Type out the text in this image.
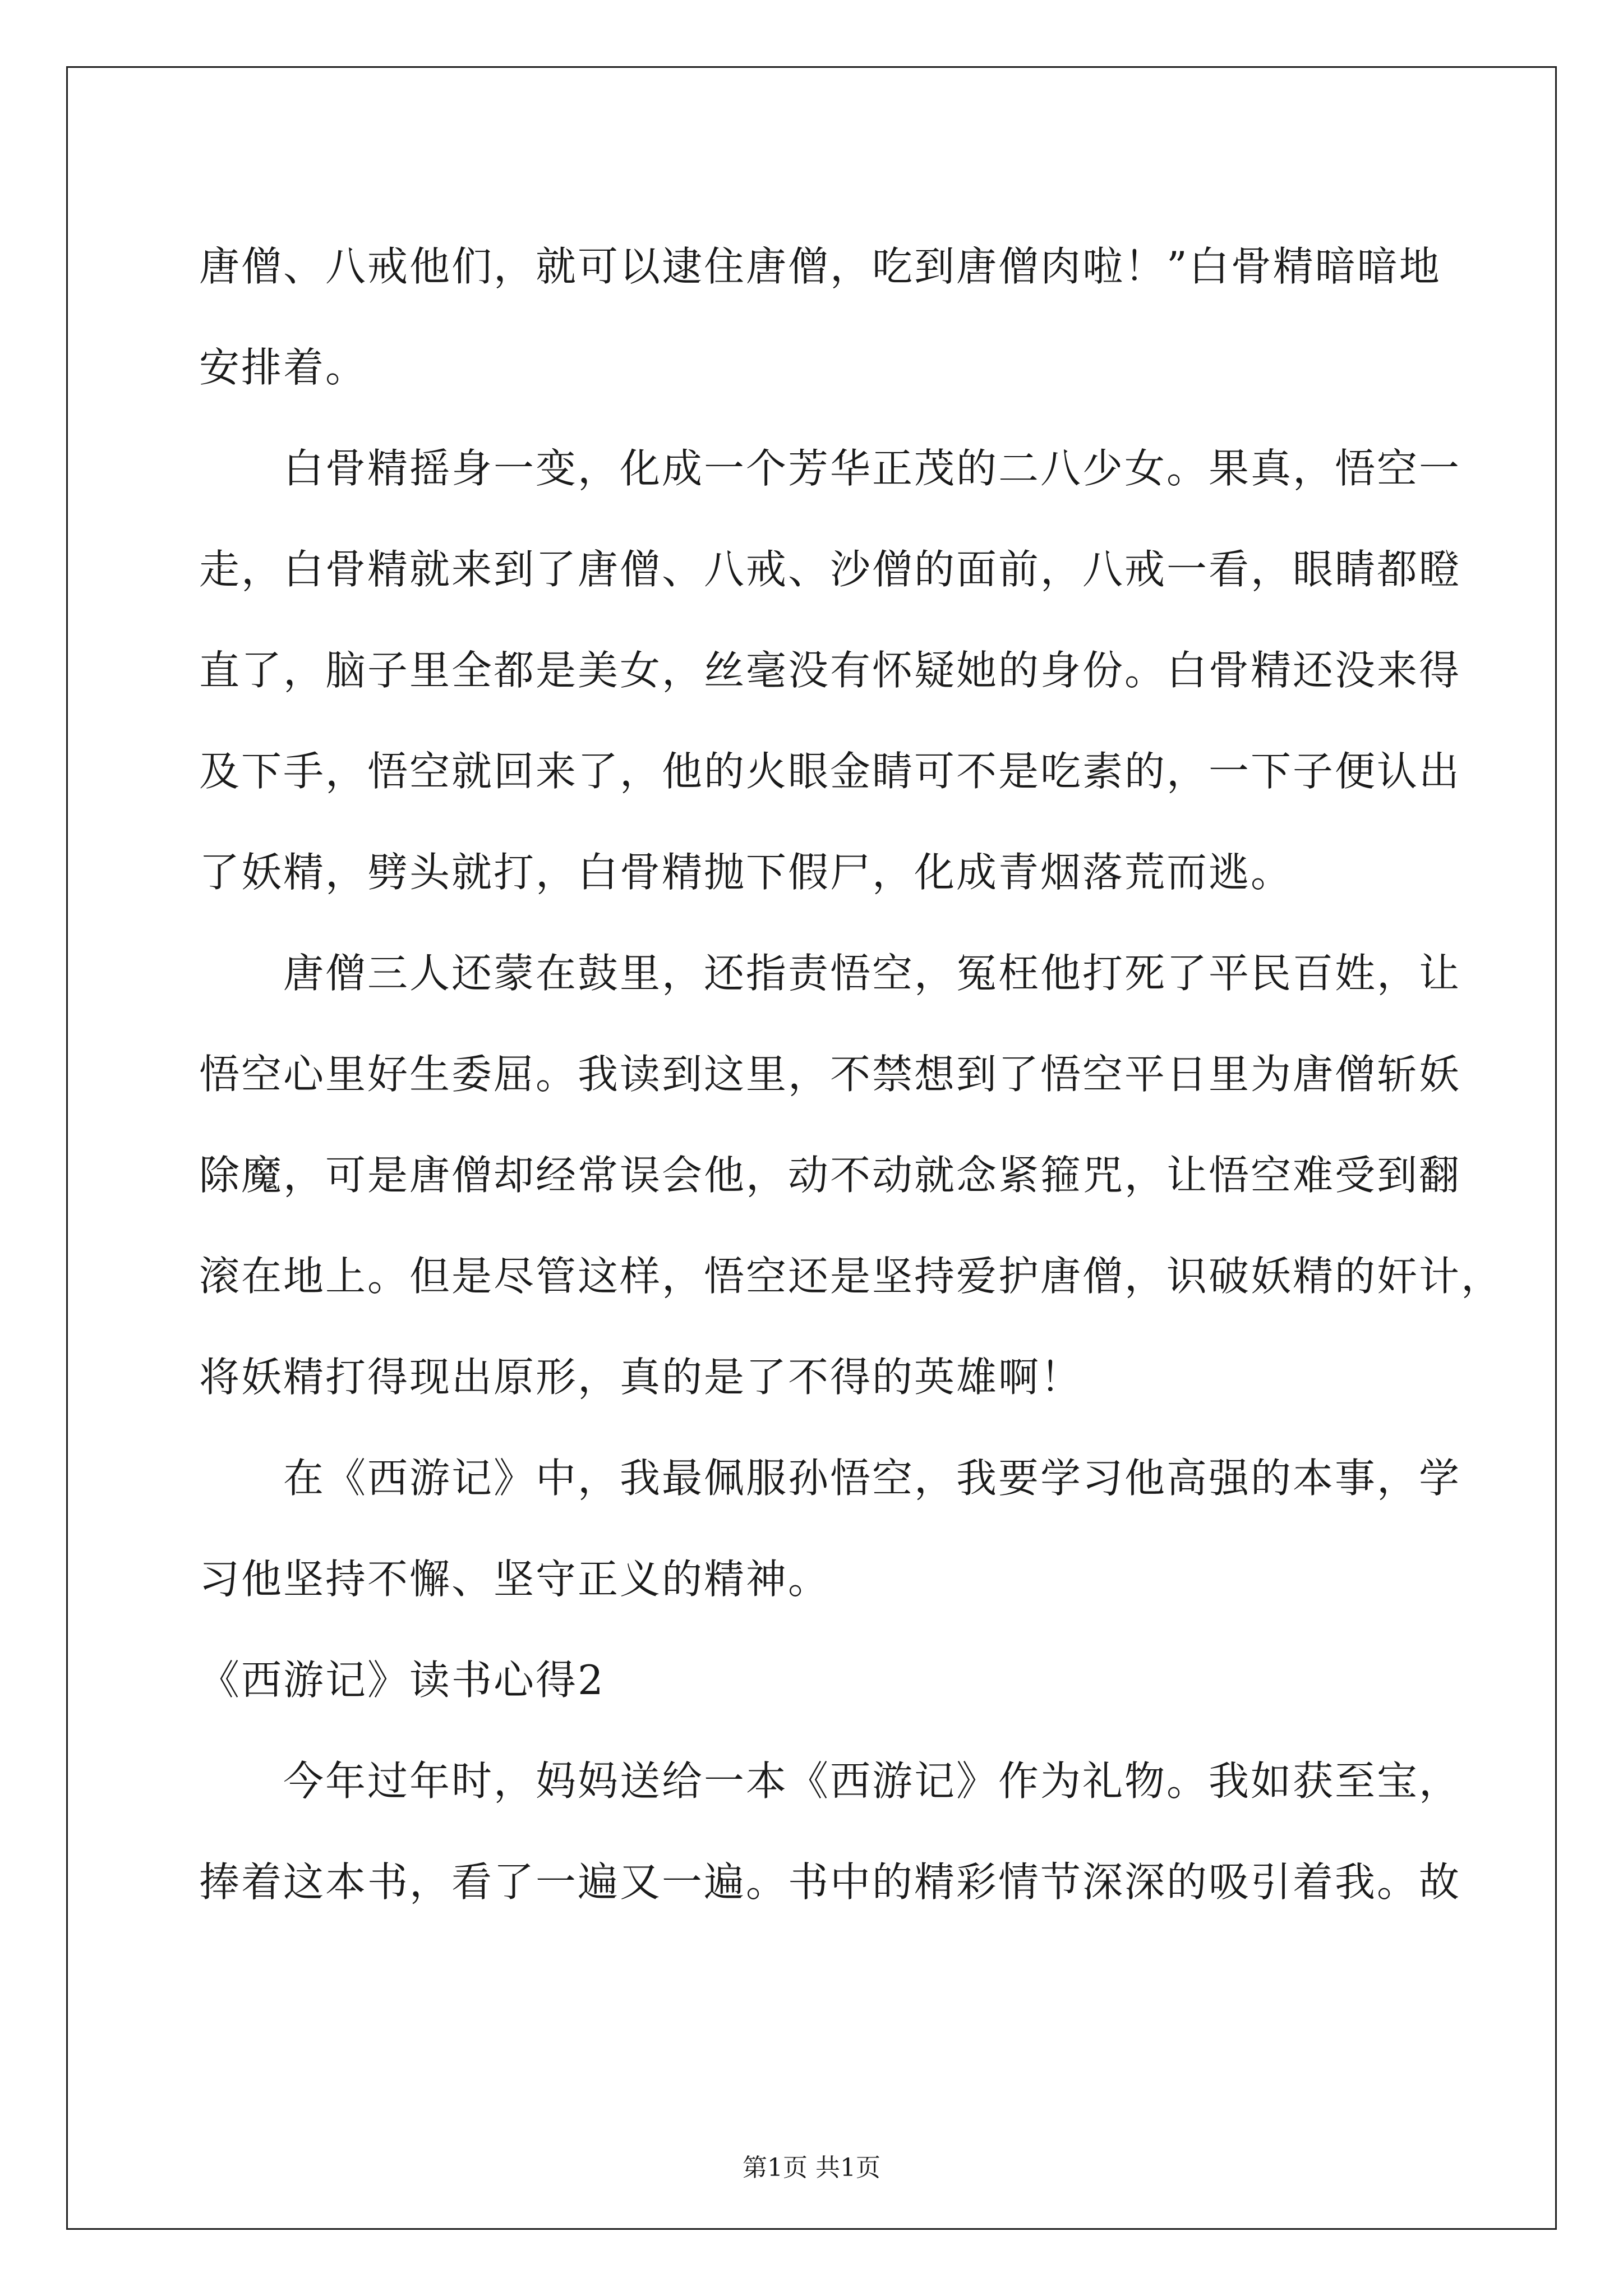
唐僧、八戒他们，就可以逮住唐僧，吃到唐僧肉啦！”白骨精暗暗地
安排着。
白骨精摇身一变，化成一个芳华正茂的二八少女。果真，悟空一
走，白骨精就来到了唐僧、八戒、沙僧的面前，八戒一看，眼睛都瞪
直了，脑子里全都是美女，丝毫没有怀疑她的身份。白骨精还没来得
及下手，悟空就回来了，他的火眼金睛可不是吃素的，一下子便认出
了妖精，劈头就打，白骨精抛下假尸，化成青烟落荒而逃。
唐僧三人还蒙在鼓里，还指责悟空，冤枉他打死了平民百姓，让
悟空心里好生委屈。我读到这里，不禁想到了悟空平日里为唐僧斩妖
除魔，可是唐僧却经常误会他，动不动就念紧箍咒，让悟空难受到翻
滚在地上。但是尽管这样，悟空还是坚持爱护唐僧，识破妖精的奸计，
将妖精打得现出原形，真的是了不得的英雄啊！
在《西游记》中，我最佩服孙悟空，我要学习他高强的本事，学
习他坚持不懈、坚守正义的精神。
《西游记》读书心得2
今年过年时，妈妈送给一本《西游记》作为礼物。我如获至宝，
捧着这本书，看了一遍又一遍。书中的精彩情节深深的吸引着我。故
第1页 共1页
